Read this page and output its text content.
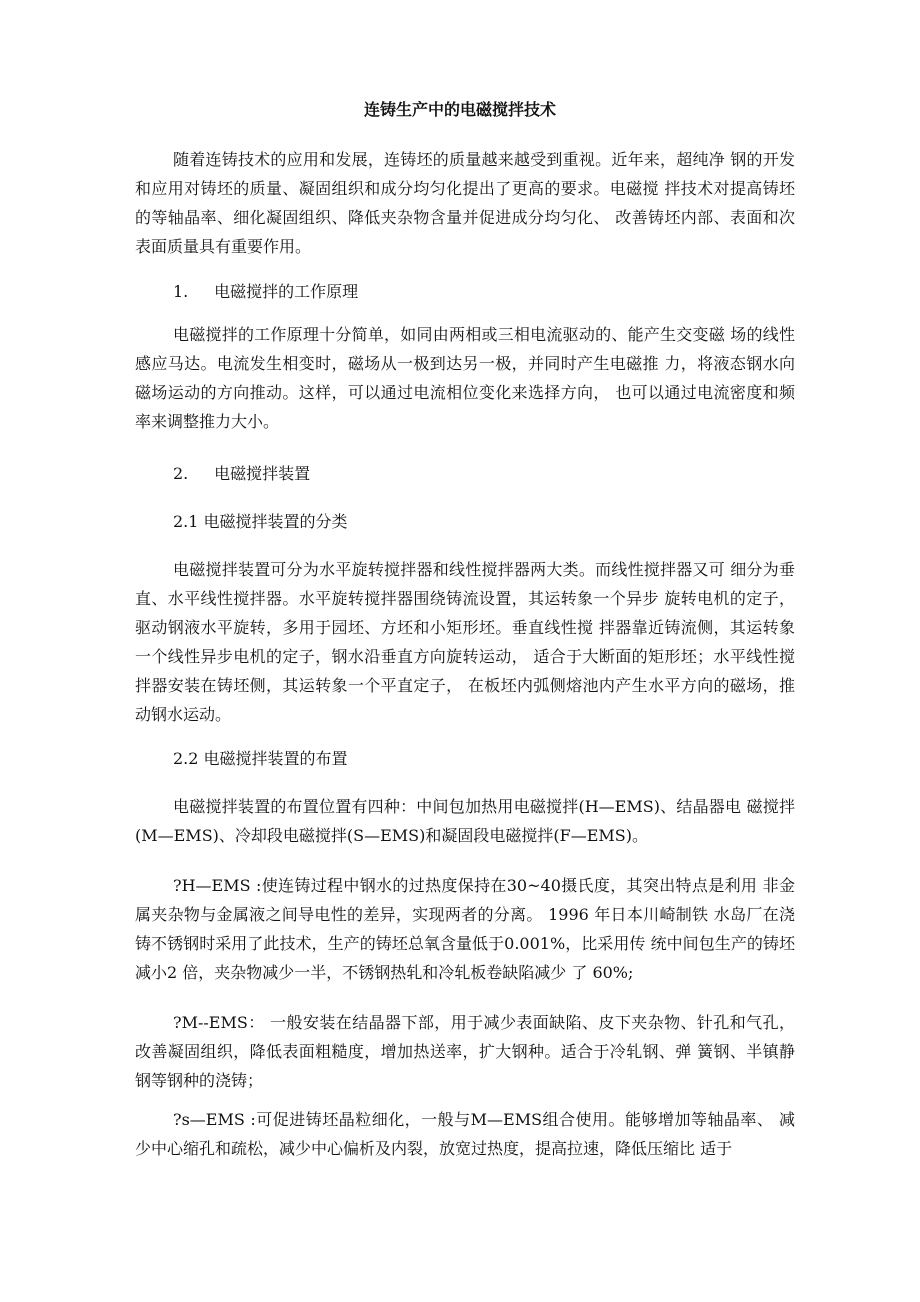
连铸生产中的电磁搅拌技术

随着连铸技术的应用和发展，连铸坯的质量越来越受到重视。近年来，超纯净 钢的开发和应用对铸坯的质量、凝固组织和成分均匀化提出了更高的要求。电磁搅 拌技术对提高铸坯的等轴晶率、细化凝固组织、降低夹杂物含量并促进成分均匀化、 改善铸坯内部、表面和次表面质量具有重要作用。

1. 电磁搅拌的工作原理

电磁搅拌的工作原理十分简单，如同由两相或三相电流驱动的、能产生交变磁 场的线性感应马达。电流发生相变时，磁场从一极到达另一极，并同时产生电磁推 力，将液态钢水向磁场运动的方向推动。这样，可以通过电流相位变化来选择方向， 也可以通过电流密度和频率来调整推力大小。

2. 电磁搅拌装置
2.1 电磁搅拌装置的分类

电磁搅拌装置可分为水平旋转搅拌器和线性搅拌器两大类。而线性搅拌器又可 细分为垂直、水平线性搅拌器。水平旋转搅拌器围绕铸流设置，其运转象一个异步 旋转电机的定子，驱动钢液水平旋转，多用于园坯、方坯和小矩形坯。垂直线性搅 拌器靠近铸流侧，其运转象一个线性异步电机的定子，钢水沿垂直方向旋转运动， 适合于大断面的矩形坯；水平线性搅拌器安装在铸坯侧，其运转象一个平直定子， 在板坯内弧侧熔池内产生水平方向的磁场，推动钢水运动。

2.2 电磁搅拌装置的布置

电磁搅拌装置的布置位置有四种：中间包加热用电磁搅拌(H—EMS)、结晶器电 磁搅拌(M—EMS)、冷却段电磁搅拌(S—EMS)和凝固段电磁搅拌(F—EMS)。

?H—EMS :使连铸过程中钢水的过热度保持在30~40摄氏度，其突出特点是利用 非金属夹杂物与金属液之间导电性的差异，实现两者的分离。 1996 年日本川崎制铁 水岛厂在浇铸不锈钢时采用了此技术，生产的铸坯总氧含量低于0.001%，比采用传 统中间包生产的铸坯减小2 倍，夹杂物减少一半，不锈钢热轧和冷轧板卷缺陷减少 了 60%;

?M--EMS： 一般安装在结晶器下部，用于减少表面缺陷、皮下夹杂物、针孔和气孔，改善凝固组织，降低表面粗糙度，增加热送率，扩大钢种。适合于冷轧钢、弹 簧钢、半镇静钢等钢种的浇铸；

?s—EMS :可促进铸坯晶粒细化，一般与M—EMS组合使用。能够增加等轴晶率、 减少中心缩孔和疏松，减少中心偏析及内裂，放宽过热度，提高拉速，降低压缩比 适于
